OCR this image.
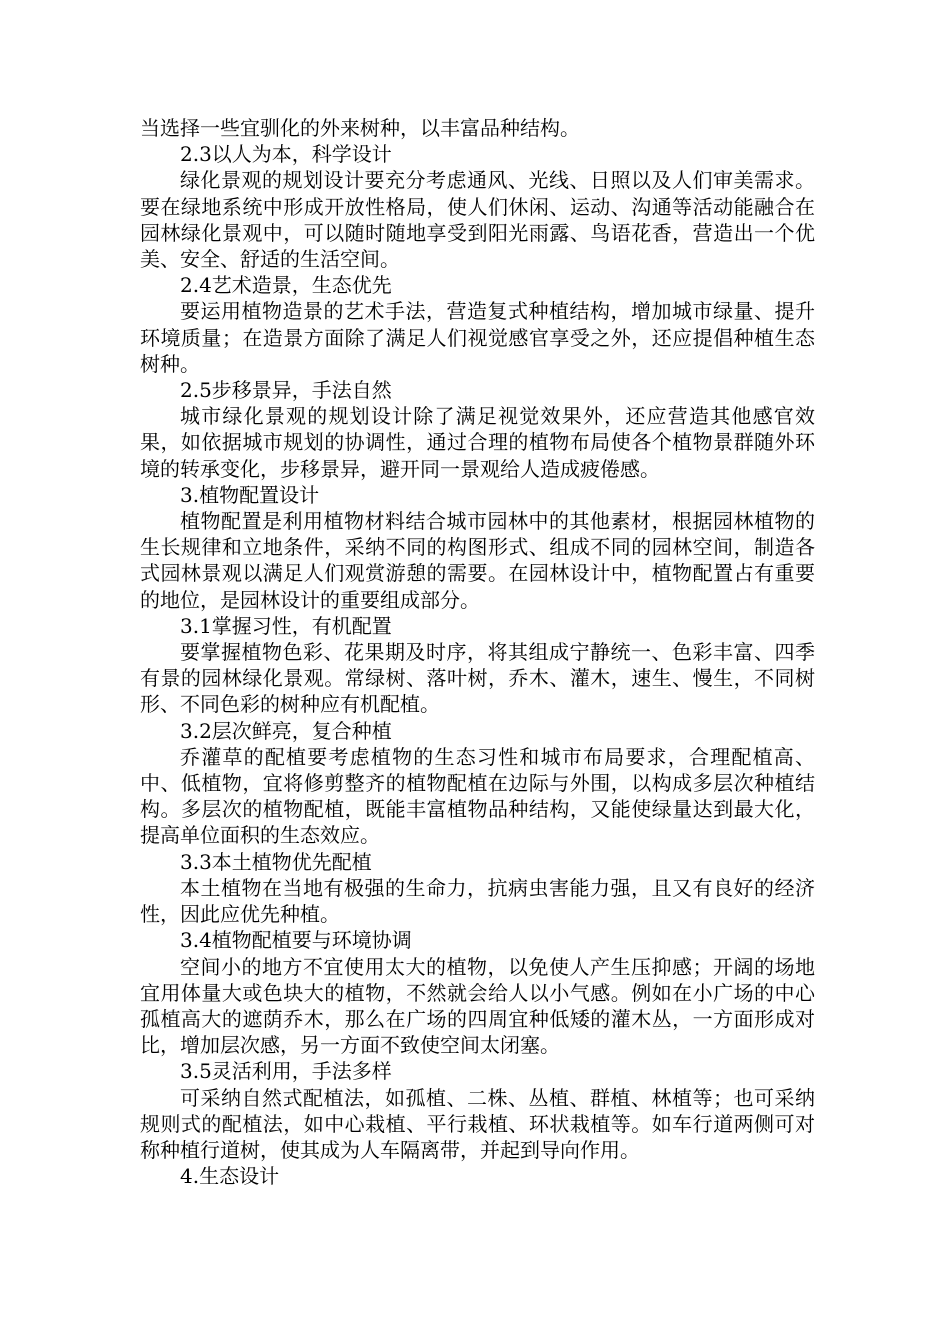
当选择一些宜驯化的外来树种，以丰富品种结构。

2.3以人为本，科学设计

绿化景观的规划设计要充分考虑通风、光线、日照以及人们审美需求。要在绿地系统中形成开放性格局，使人们休闲、运动、沟通等活动能融合在园林绿化景观中，可以随时随地享受到阳光雨露、鸟语花香，营造出一个优美、安全、舒适的生活空间。

2.4艺术造景，生态优先

要运用植物造景的艺术手法，营造复式种植结构，增加城市绿量、提升环境质量；在造景方面除了满足人们视觉感官享受之外，还应提倡种植生态树种。

2.5步移景异，手法自然

城市绿化景观的规划设计除了满足视觉效果外，还应营造其他感官效果，如依据城市规划的协调性，通过合理的植物布局使各个植物景群随外环境的转承变化，步移景异，避开同一景观给人造成疲倦感。

3.植物配置设计

植物配置是利用植物材料结合城市园林中的其他素材，根据园林植物的生长规律和立地条件，采纳不同的构图形式、组成不同的园林空间，制造各式园林景观以满足人们观赏游憩的需要。在园林设计中，植物配置占有重要的地位，是园林设计的重要组成部分。

3.1掌握习性，有机配置

要掌握植物色彩、花果期及时序，将其组成宁静统一、色彩丰富、四季有景的园林绿化景观。常绿树、落叶树，乔木、灌木，速生、慢生，不同树形、不同色彩的树种应有机配植。

3.2层次鲜亮，复合种植

乔灌草的配植要考虑植物的生态习性和城市布局要求，合理配植高、中、低植物，宜将修剪整齐的植物配植在边际与外围，以构成多层次种植结构。多层次的植物配植，既能丰富植物品种结构，又能使绿量达到最大化，提高单位面积的生态效应。

3.3本土植物优先配植

本土植物在当地有极强的生命力，抗病虫害能力强，且又有良好的经济性，因此应优先种植。

3.4植物配植要与环境协调

空间小的地方不宜使用太大的植物，以免使人产生压抑感；开阔的场地宜用体量大或色块大的植物，不然就会给人以小气感。例如在小广场的中心孤植高大的遮荫乔木，那么在广场的四周宜种低矮的灌木丛，一方面形成对比，增加层次感，另一方面不致使空间太闭塞。

3.5灵活利用，手法多样

可采纳自然式配植法，如孤植、二株、丛植、群植、林植等；也可采纳规则式的配植法，如中心栽植、平行栽植、环状栽植等。如车行道两侧可对称种植行道树，使其成为人车隔离带，并起到导向作用。

4.生态设计
